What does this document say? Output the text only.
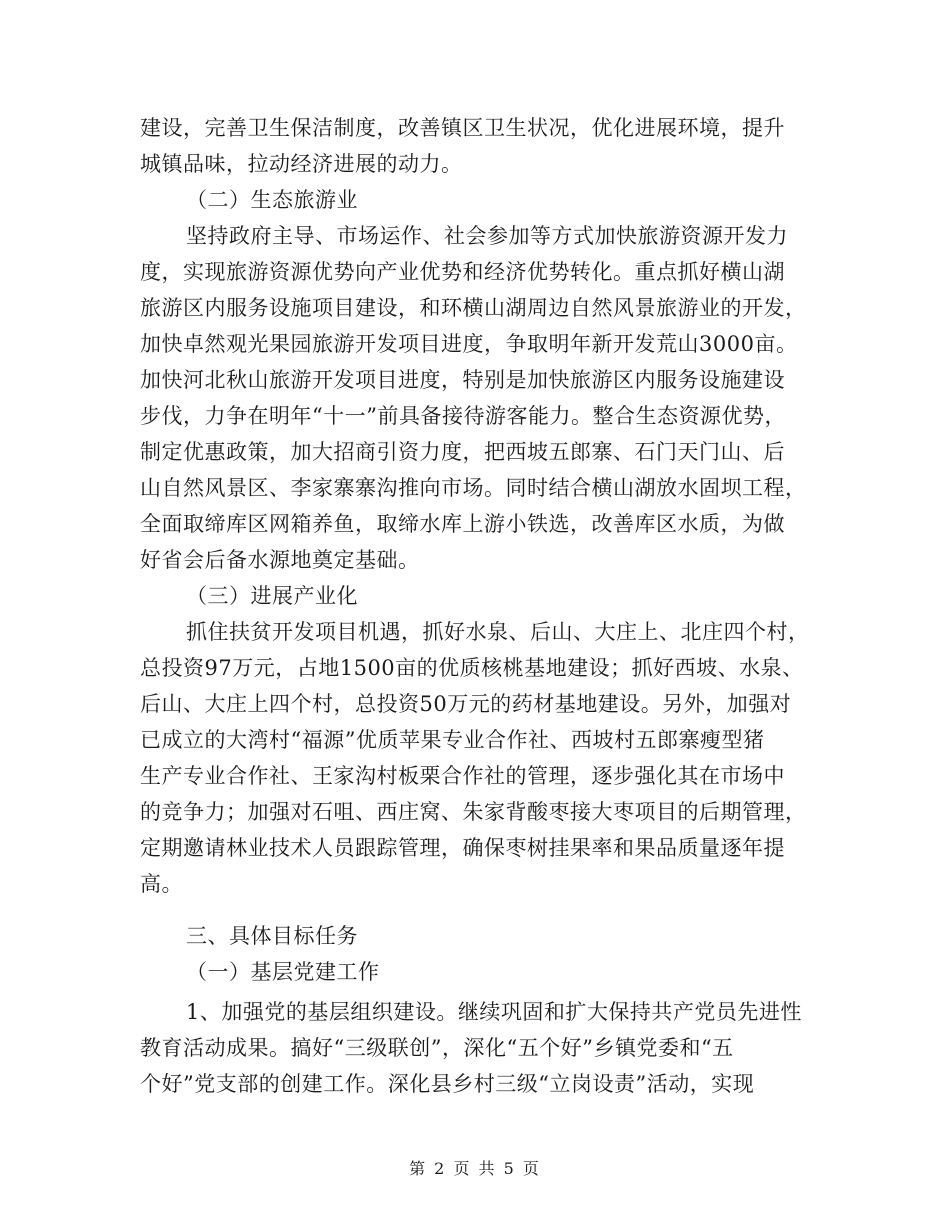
建设，完善卫生保洁制度，改善镇区卫生状况，优化进展环境，提升
城镇品味，拉动经济进展的动力。
（二）生态旅游业
坚持政府主导、市场运作、社会参加等方式加快旅游资源开发力
度，实现旅游资源优势向产业优势和经济优势转化。重点抓好横山湖
旅游区内服务设施项目建设，和环横山湖周边自然风景旅游业的开发，
加快卓然观光果园旅游开发项目进度，争取明年新开发荒山3000亩。
加快河北秋山旅游开发项目进度，特别是加快旅游区内服务设施建设
步伐，力争在明年“十一”前具备接待游客能力。整合生态资源优势，
制定优惠政策，加大招商引资力度，把西坡五郎寨、石门天门山、后
山自然风景区、李家寨寨沟推向市场。同时结合横山湖放水固坝工程，
全面取缔库区网箱养鱼，取缔水库上游小铁选，改善库区水质，为做
好省会后备水源地奠定基础。
（三）进展产业化
抓住扶贫开发项目机遇，抓好水泉、后山、大庄上、北庄四个村，
总投资97万元，占地1500亩的优质核桃基地建设；抓好西坡、水泉、
后山、大庄上四个村，总投资50万元的药材基地建设。另外，加强对
已成立的大湾村“福源”优质苹果专业合作社、西坡村五郎寨瘦型猪
生产专业合作社、王家沟村板栗合作社的管理，逐步强化其在市场中
的竞争力；加强对石咀、西庄窝、朱家背酸枣接大枣项目的后期管理，
定期邀请林业技术人员跟踪管理，确保枣树挂果率和果品质量逐年提
高。
三、具体目标任务
（一）基层党建工作
1、加强党的基层组织建设。继续巩固和扩大保持共产党员先进性
教育活动成果。搞好“三级联创”，深化“五个好”乡镇党委和“五
个好”党支部的创建工作。深化县乡村三级“立岗设责”活动，实现
第 2 页 共 5 页
